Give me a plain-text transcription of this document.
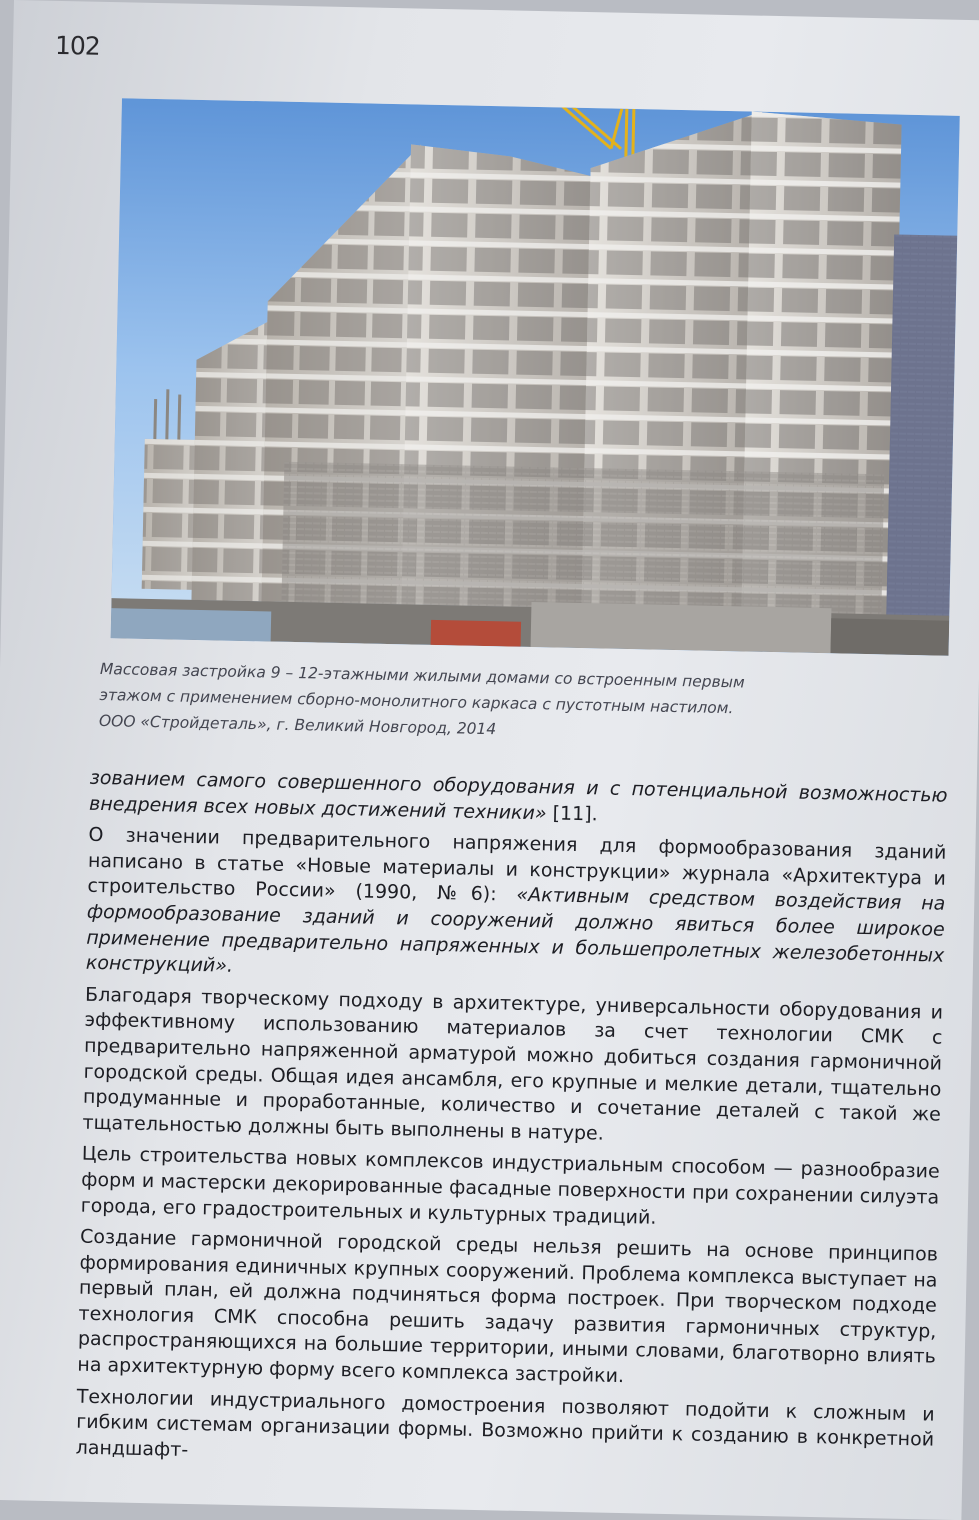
102

Массовая застройка 9 – 12-этажными жилыми домами со встроенным первым

этажом с применением сборно-монолитного каркаса с пустотным настилом.

ООО «Стройдеталь», г. Великий Новгород, 2014

зованием самого совершенного оборудования и с потенциальной возможностью внедрения всех новых достижений техники» [11].

О значении предварительного напряжения для формообразования зданий написано в статье «Новые материалы и конструкции» журнала «Архитектура и строительство России» (1990, №6): «Активным средством воздействия на формообразование зданий и сооружений должно явиться более широкое применение предварительно напряженных и большепролетных железобетонных конструкций».

Благодаря творческому подходу в архитектуре, универсальности оборудования и эффективному использованию материалов за счет технологии СМК с предварительно напряженной арматурой можно добиться создания гармоничной городской среды. Общая идея ансамбля, его крупные и мелкие детали, тщательно продуманные и проработанные, количество и сочетание деталей с такой же тщательностью должны быть выполнены в натуре.

Цель строительства новых комплексов индустриальным способом — разнообразие форм и мастерски декорированные фасадные поверхности при сохранении силуэта города, его градостроительных и культурных традиций.

Создание гармоничной городской среды нельзя решить на основе принципов формирования единичных крупных сооружений. Проблема комплекса выступает на первый план, ей должна подчиняться форма построек. При творческом подходе технология СМК способна решить задачу развития гармоничных структур, распространяющихся на большие территории, иными словами, благотворно влиять на архитектурную форму всего комплекса застройки.

Технологии индустриального домостроения позволяют подойти к сложным и гибким системам организации формы. Возможно прийти к созданию в конкретной ландшафт-
